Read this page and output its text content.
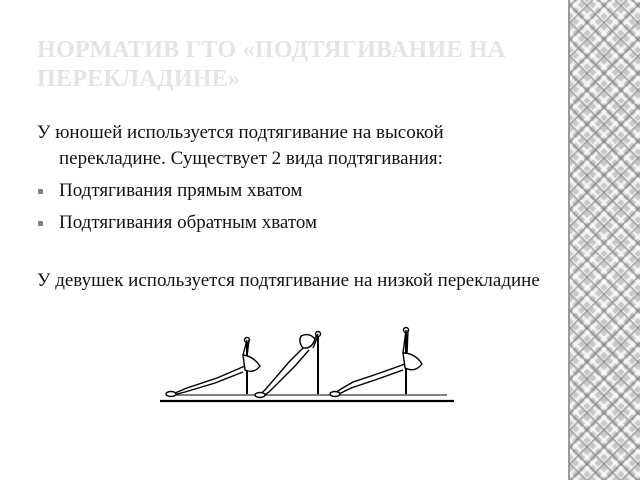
НОРМАТИВ ГТО «ПОДТЯГИВАНИЕ НА ПЕРЕКЛАДИНЕ»

У юношей используется подтягивание на высокой перекладине. Существует 2 вида подтягивания:

Подтягивания прямым хватом
Подтягивания обратным хватом

У девушек используется подтягивание на низкой перекладине
